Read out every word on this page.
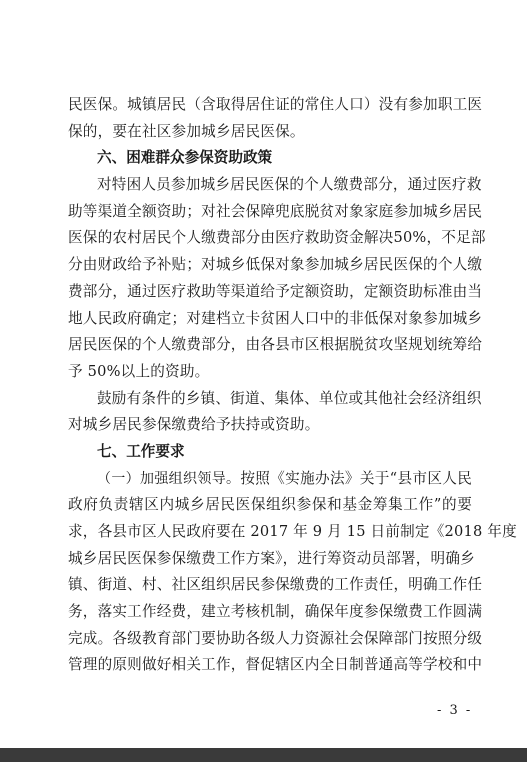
民医保。城镇居民（含取得居住证的常住人口）没有参加职工医
保的，要在社区参加城乡居民医保。
六、困难群众参保资助政策
对特困人员参加城乡居民医保的个人缴费部分，通过医疗救
助等渠道全额资助；对社会保障兜底脱贫对象家庭参加城乡居民
医保的农村居民个人缴费部分由医疗救助资金解决50%，不足部
分由财政给予补贴；对城乡低保对象参加城乡居民医保的个人缴
费部分，通过医疗救助等渠道给予定额资助，定额资助标准由当
地人民政府确定；对建档立卡贫困人口中的非低保对象参加城乡
居民医保的个人缴费部分，由各县市区根据脱贫攻坚规划统筹给
予 50%以上的资助。
鼓励有条件的乡镇、街道、集体、单位或其他社会经济组织
对城乡居民参保缴费给予扶持或资助。
七、工作要求
（一）加强组织领导。按照《实施办法》关于“县市区人民
政府负责辖区内城乡居民医保组织参保和基金筹集工作”的要
求，各县市区人民政府要在 2017 年 9 月 15 日前制定《2018 年度
城乡居民医保参保缴费工作方案》，进行筹资动员部署，明确乡
镇、街道、村、社区组织居民参保缴费的工作责任，明确工作任
务，落实工作经费，建立考核机制，确保年度参保缴费工作圆满
完成。各级教育部门要协助各级人力资源社会保障部门按照分级
管理的原则做好相关工作，督促辖区内全日制普通高等学校和中
- 3 -
